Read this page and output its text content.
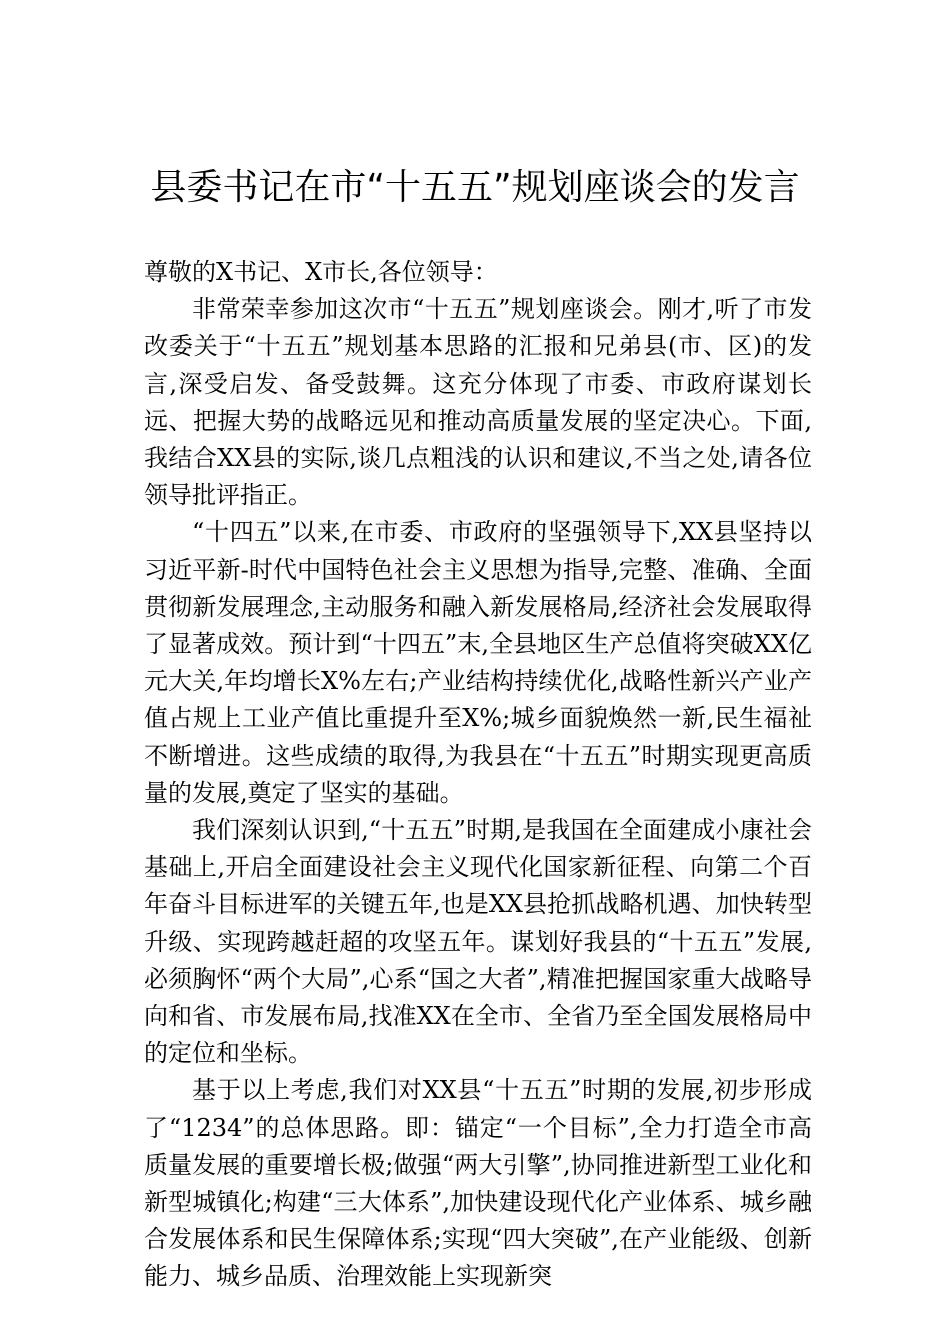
县委书记在市“十五五”规划座谈会的发言

尊敬的X书记、X市长,各位领导：

非常荣幸参加这次市“十五五”规划座谈会。刚才,听了市发改委关于“十五五”规划基本思路的汇报和兄弟县(市、区)的发言,深受启发、备受鼓舞。这充分体现了市委、市政府谋划长远、把握大势的战略远见和推动高质量发展的坚定决心。下面,我结合XX县的实际,谈几点粗浅的认识和建议,不当之处,请各位领导批评指正。

“十四五”以来,在市委、市政府的坚强领导下,XX县坚持以习近平新-时代中国特色社会主义思想为指导,完整、准确、全面贯彻新发展理念,主动服务和融入新发展格局,经济社会发展取得了显著成效。预计到“十四五”末,全县地区生产总值将突破XX亿元大关,年均增长X%左右;产业结构持续优化,战略性新兴产业产值占规上工业产值比重提升至X%;城乡面貌焕然一新,民生福祉不断增进。这些成绩的取得,为我县在“十五五”时期实现更高质量的发展,奠定了坚实的基础。

我们深刻认识到,“十五五”时期,是我国在全面建成小康社会基础上,开启全面建设社会主义现代化国家新征程、向第二个百年奋斗目标进军的关键五年,也是XX县抢抓战略机遇、加快转型升级、实现跨越赶超的攻坚五年。谋划好我县的“十五五”发展,必须胸怀“两个大局”,心系“国之大者”,精准把握国家重大战略导向和省、市发展布局,找准XX在全市、全省乃至全国发展格局中的定位和坐标。

基于以上考虑,我们对XX县“十五五”时期的发展,初步形成了“1234”的总体思路。即：锚定“一个目标”,全力打造全市高质量发展的重要增长极;做强“两大引擎”,协同推进新型工业化和新型城镇化;构建“三大体系”,加快建设现代化产业体系、城乡融合发展体系和民生保障体系;实现“四大突破”,在产业能级、创新能力、城乡品质、治理效能上实现新突
